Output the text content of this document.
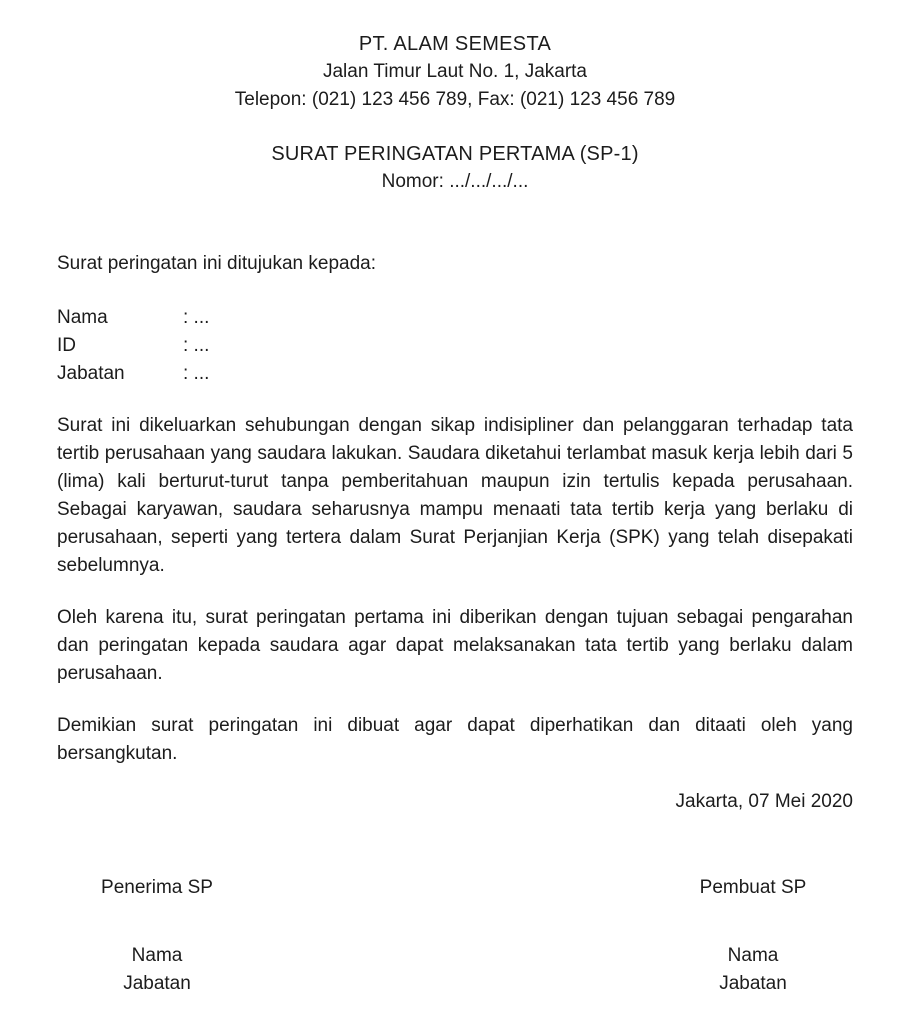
PT. ALAM SEMESTA
Jalan Timur Laut No. 1, Jakarta
Telepon: (021) 123 456 789, Fax: (021) 123 456 789
SURAT PERINGATAN PERTAMA (SP-1)
Nomor: .../.../.../...

Surat peringatan ini ditujukan kepada:

Nama	: ...
ID	: ...
Jabatan	: ...

Surat ini dikeluarkan sehubungan dengan sikap indisipliner dan pelanggaran terhadap tata tertib perusahaan yang saudara lakukan. Saudara diketahui terlambat masuk kerja lebih dari 5 (lima) kali berturut-turut tanpa pemberitahuan maupun izin tertulis kepada perusahaan. Sebagai karyawan, saudara seharusnya mampu menaati tata tertib kerja yang berlaku di perusahaan, seperti yang tertera dalam Surat Perjanjian Kerja (SPK) yang telah disepakati sebelumnya.

Oleh karena itu, surat peringatan pertama ini diberikan dengan tujuan sebagai pengarahan dan peringatan kepada saudara agar dapat melaksanakan tata tertib yang berlaku dalam perusahaan.

Demikian surat peringatan ini dibuat agar dapat diperhatikan dan ditaati oleh yang bersangkutan.

Jakarta, 07 Mei 2020
Penerima SP
Nama
Jabatan
Pembuat SP
Nama
Jabatan
